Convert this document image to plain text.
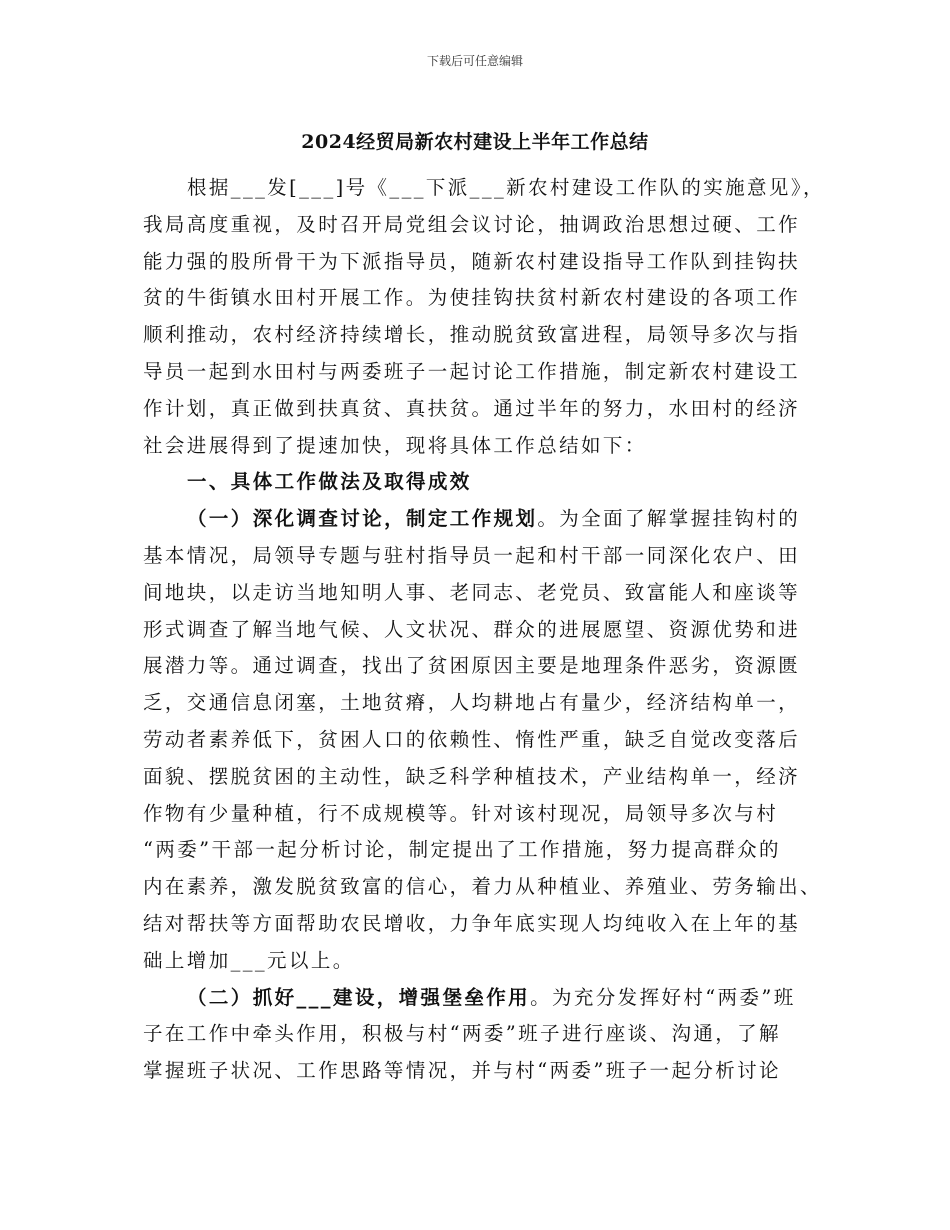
下载后可任意编辑
2024经贸局新农村建设上半年工作总结
根据___发[___]号《___下派___新农村建设工作队的实施意见》，
我局高度重视，及时召开局党组会议讨论，抽调政治思想过硬、工作
能力强的股所骨干为下派指导员，随新农村建设指导工作队到挂钩扶
贫的牛街镇水田村开展工作。为使挂钩扶贫村新农村建设的各项工作
顺利推动，农村经济持续增长，推动脱贫致富进程，局领导多次与指
导员一起到水田村与两委班子一起讨论工作措施，制定新农村建设工
作计划，真正做到扶真贫、真扶贫。通过半年的努力，水田村的经济
社会进展得到了提速加快，现将具体工作总结如下：
一、具体工作做法及取得成效
（一）深化调查讨论，制定工作规划。为全面了解掌握挂钩村的
基本情况，局领导专题与驻村指导员一起和村干部一同深化农户、田
间地块，以走访当地知明人事、老同志、老党员、致富能人和座谈等
形式调查了解当地气候、人文状况、群众的进展愿望、资源优势和进
展潜力等。通过调查，找出了贫困原因主要是地理条件恶劣，资源匮
乏，交通信息闭塞，土地贫瘠，人均耕地占有量少，经济结构单一，
劳动者素养低下，贫困人口的依赖性、惰性严重，缺乏自觉改变落后
面貌、摆脱贫困的主动性，缺乏科学种植技术，产业结构单一，经济
作物有少量种植，行不成规模等。针对该村现况，局领导多次与村
“两委”干部一起分析讨论，制定提出了工作措施，努力提高群众的
内在素养，激发脱贫致富的信心，着力从种植业、养殖业、劳务输出、
结对帮扶等方面帮助农民增收，力争年底实现人均纯收入在上年的基
础上增加___元以上。
（二）抓好___建设，增强堡垒作用。为充分发挥好村“两委”班
子在工作中牵头作用，积极与村“两委”班子进行座谈、沟通，了解
掌握班子状况、工作思路等情况，并与村“两委”班子一起分析讨论
